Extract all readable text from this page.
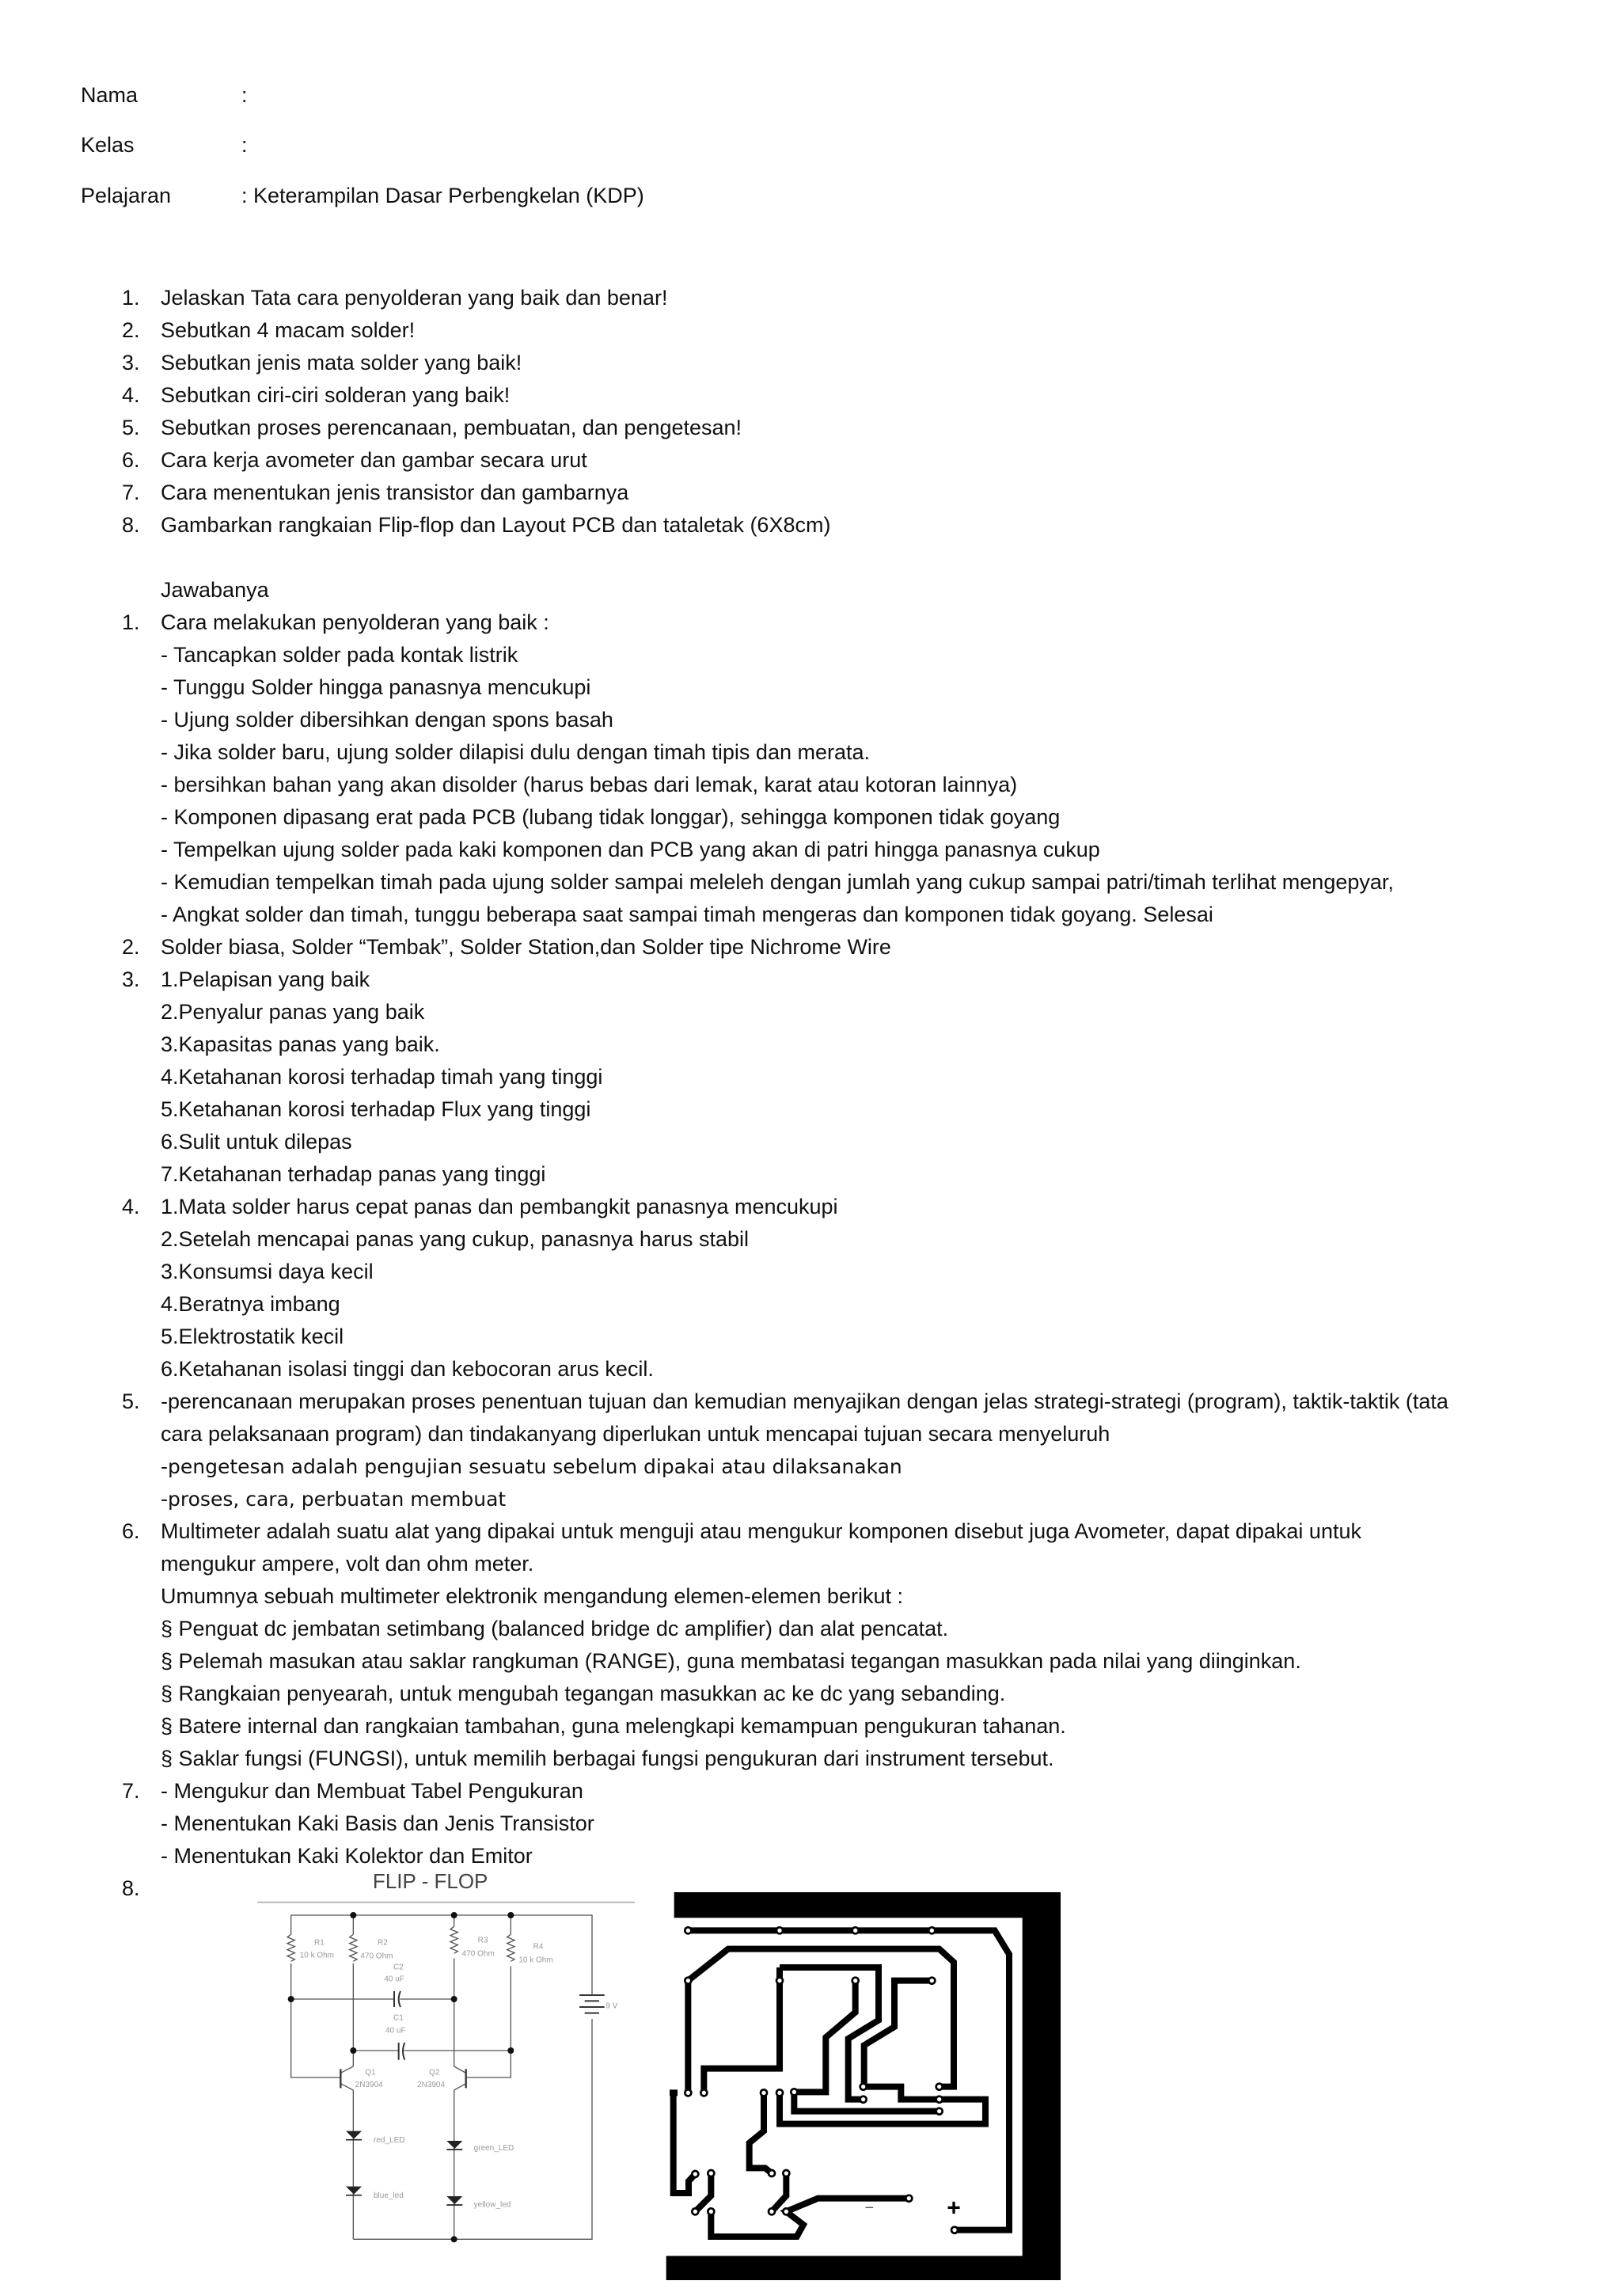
Nama	:
Kelas	:
Pelajaran	: Keterampilan Dasar Perbengkelan (KDP)
1. Jelaskan Tata cara penyolderan yang baik dan benar!
2. Sebutkan 4 macam solder!
3. Sebutkan jenis mata solder yang baik!
4. Sebutkan ciri-ciri solderan yang baik!
5. Sebutkan proses perencanaan, pembuatan, dan pengetesan!
6. Cara kerja avometer dan gambar secara urut
7. Cara menentukan jenis transistor dan gambarnya
8. Gambarkan rangkaian Flip-flop dan Layout PCB dan tataletak (6X8cm)
Jawabanya
1. Cara melakukan penyolderan yang baik :
- Tancapkan solder pada kontak listrik
- Tunggu Solder hingga panasnya mencukupi
- Ujung solder dibersihkan dengan spons basah
- Jika solder baru, ujung solder dilapisi dulu dengan timah tipis dan merata.
- bersihkan bahan yang akan disolder (harus bebas dari lemak, karat atau kotoran lainnya)
- Komponen dipasang erat pada PCB (lubang tidak longgar), sehingga komponen tidak goyang
- Tempelkan ujung solder pada kaki komponen dan PCB yang akan di patri hingga panasnya cukup
- Kemudian tempelkan timah pada ujung solder sampai meleleh dengan jumlah yang cukup sampai patri/timah terlihat mengepyar,
- Angkat solder dan timah, tunggu beberapa saat sampai timah mengeras dan komponen tidak goyang. Selesai
2. Solder biasa, Solder “Tembak”, Solder Station,dan Solder tipe Nichrome Wire
3. 1.Pelapisan yang baik
2.Penyalur panas yang baik
3.Kapasitas panas yang baik.
4.Ketahanan korosi terhadap timah yang tinggi
5.Ketahanan korosi terhadap Flux yang tinggi
6.Sulit untuk dilepas
7.Ketahanan terhadap panas yang tinggi
4. 1.Mata solder harus cepat panas dan pembangkit panasnya mencukupi
2.Setelah mencapai panas yang cukup, panasnya harus stabil
3.Konsumsi daya kecil
4.Beratnya imbang
5.Elektrostatik kecil
6.Ketahanan isolasi tinggi dan kebocoran arus kecil.
5. -perencanaan merupakan proses penentuan tujuan dan kemudian menyajikan dengan jelas strategi-strategi (program), taktik-taktik (tata
cara pelaksanaan program) dan tindakanyang diperlukan untuk mencapai tujuan secara menyeluruh
-pengetesan adalah pengujian sesuatu sebelum dipakai atau dilaksanakan
-proses, cara, perbuatan membuat
6. Multimeter adalah suatu alat yang dipakai untuk menguji atau mengukur komponen disebut juga Avometer, dapat dipakai untuk
mengukur ampere, volt dan ohm meter.
Umumnya sebuah multimeter elektronik mengandung elemen-elemen berikut :
§ Penguat dc jembatan setimbang (balanced bridge dc amplifier) dan alat pencatat.
§ Pelemah masukan atau saklar rangkuman (RANGE), guna membatasi tegangan masukkan pada nilai yang diinginkan.
§ Rangkaian penyearah, untuk mengubah tegangan masukkan ac ke dc yang sebanding.
§ Batere internal dan rangkaian tambahan, guna melengkapi kemampuan pengukuran tahanan.
§ Saklar fungsi (FUNGSI), untuk memilih berbagai fungsi pengukuran dari instrument tersebut.
7. - Mengukur dan Membuat Tabel Pengukuran
- Menentukan Kaki Basis dan Jenis Transistor
- Menentukan Kaki Kolektor dan Emitor
8.	FLIP - FLOP
R1
10 k Ohm
R2
470 Ohm
C2
40 uF
C1
40 uF
R3
470 Ohm
R4
10 k Ohm
Q1
2N3904
Q2
2N3904
9 V
red_LED
blue_led
green_LED
yellow_led	− +
